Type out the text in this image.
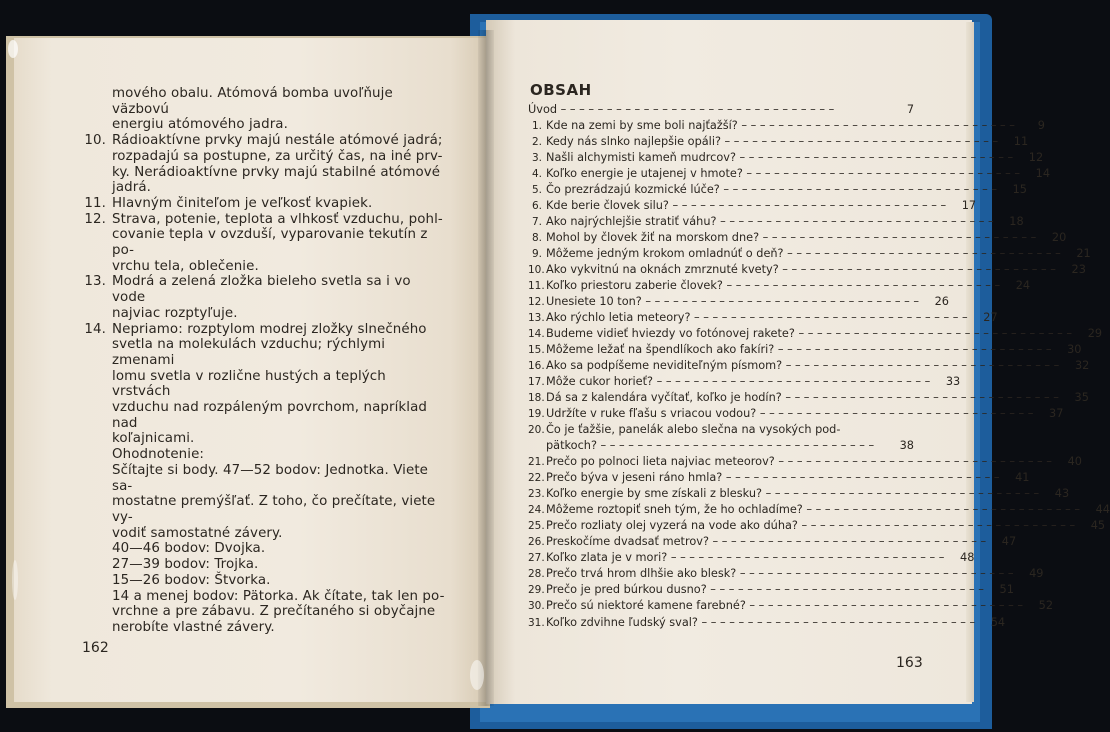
mového obalu. Atómová bomba uvoľňuje väzbovú
energiu atómového jadra.
10. Rádioaktívne prvky majú nestále atómové jadrá;
rozpadajú sa postupne, za určitý čas, na iné prv-
ky. Nerádioaktívne prvky majú stabilné atómové
jadrá.
11. Hlavným činiteľom je veľkosť kvapiek.
12. Strava, potenie, teplota a vlhkosť vzduchu, pohl-
covanie tepla v ovzduší, vyparovanie tekutín z po-
vrchu tela, oblečenie.
13. Modrá a zelená zložka bieleho svetla sa i vo vode
najviac rozptyľuje.
14. Nepriamo: rozptylom modrej zložky slnečného
svetla na molekulách vzduchu; rýchlymi zmenami
lomu svetla v rozlične hustých a teplých vrstvách
vzduchu nad rozpáleným povrchom, napríklad nad
koľajnicami.
Ohodnotenie:
Sčítajte si body. 47—52 bodov: Jednotka. Viete sa-
mostatne premýšľať. Z toho, čo prečítate, viete vy-
vodiť samostatné závery.
40—46 bodov: Dvojka.
27—39 bodov: Trojka.
15—26 bodov: Štvorka.
14 a menej bodov: Pätorka. Ak čítate, tak len po-
vrchne a pre zábavu. Z prečítaného si obyčajne
nerobíte vlastné závery.
162
OBSAH
Úvod – – – – – – – – – – – – – – – – – – – – – – – – – – – – – –	7
1. Kde na zemi by sme boli najťažší? – – – – – – – – – – – – – – – – – – – – – – – – – – – – – –	9
2. Kedy nás slnko najlepšie opáli? – – – – – – – – – – – – – – – – – – – – – – – – – – – – – –	11
3. Našli alchymisti kameň mudrcov? – – – – – – – – – – – – – – – – – – – – – – – – – – – – – –	12
4. Koľko energie je utajenej v hmote? – – – – – – – – – – – – – – – – – – – – – – – – – – – – – –	14
5. Čo prezrádzajú kozmické lúče? – – – – – – – – – – – – – – – – – – – – – – – – – – – – – –	15
6. Kde berie človek silu? – – – – – – – – – – – – – – – – – – – – – – – – – – – – – –	17
7. Ako najrýchlejšie stratiť váhu? – – – – – – – – – – – – – – – – – – – – – – – – – – – – – –	18
8. Mohol by človek žiť na morskom dne? – – – – – – – – – – – – – – – – – – – – – – – – – – – – – –	20
9. Môžeme jedným krokom omladnúť o deň? – – – – – – – – – – – – – – – – – – – – – – – – – – – – – –	21
10. Ako vykvitnú na oknách zmrznuté kvety? – – – – – – – – – – – – – – – – – – – – – – – – – – – – – –	23
11. Koľko priestoru zaberie človek? – – – – – – – – – – – – – – – – – – – – – – – – – – – – – –	24
12. Unesiete 10 ton? – – – – – – – – – – – – – – – – – – – – – – – – – – – – – –	26
13. Ako rýchlo letia meteory? – – – – – – – – – – – – – – – – – – – – – – – – – – – – – –	27
14. Budeme vidieť hviezdy vo fotónovej rakete? – – – – – – – – – – – – – – – – – – – – – – – – – – – – – –	29
15. Môžeme ležať na špendlíkoch ako fakíri? – – – – – – – – – – – – – – – – – – – – – – – – – – – – – –	30
16. Ako sa podpíšeme neviditeľným písmom? – – – – – – – – – – – – – – – – – – – – – – – – – – – – – –	32
17. Môže cukor horieť? – – – – – – – – – – – – – – – – – – – – – – – – – – – – – –	33
18. Dá sa z kalendára vyčítať, koľko je hodín? – – – – – – – – – – – – – – – – – – – – – – – – – – – – – –	35
19. Udržíte v ruke fľašu s vriacou vodou? – – – – – – – – – – – – – – – – – – – – – – – – – – – – – –	37
20. Čo je ťažšie, panelák alebo slečna na vysokých pod-
pätkoch? – – – – – – – – – – – – – – – – – – – – – – – – – – – – – –	38
21. Prečo po polnoci lieta najviac meteorov? – – – – – – – – – – – – – – – – – – – – – – – – – – – – – –	40
22. Prečo býva v jeseni ráno hmla? – – – – – – – – – – – – – – – – – – – – – – – – – – – – – –	41
23. Koľko energie by sme získali z blesku? – – – – – – – – – – – – – – – – – – – – – – – – – – – – – –	43
24. Môžeme roztopiť sneh tým, že ho ochladíme? – – – – – – – – – – – – – – – – – – – – – – – – – – – – – –	44
25. Prečo rozliaty olej vyzerá na vode ako dúha? – – – – – – – – – – – – – – – – – – – – – – – – – – – – – –	45
26. Preskočíme dvadsať metrov? – – – – – – – – – – – – – – – – – – – – – – – – – – – – – –	47
27. Koľko zlata je v mori? – – – – – – – – – – – – – – – – – – – – – – – – – – – – – –	48
28. Prečo trvá hrom dlhšie ako blesk? – – – – – – – – – – – – – – – – – – – – – – – – – – – – – –	49
29. Prečo je pred búrkou dusno? – – – – – – – – – – – – – – – – – – – – – – – – – – – – – –	51
30. Prečo sú niektoré kamene farebné? – – – – – – – – – – – – – – – – – – – – – – – – – – – – – –	52
31. Koľko zdvihne ľudský sval? – – – – – – – – – – – – – – – – – – – – – – – – – – – – – –	54
163
